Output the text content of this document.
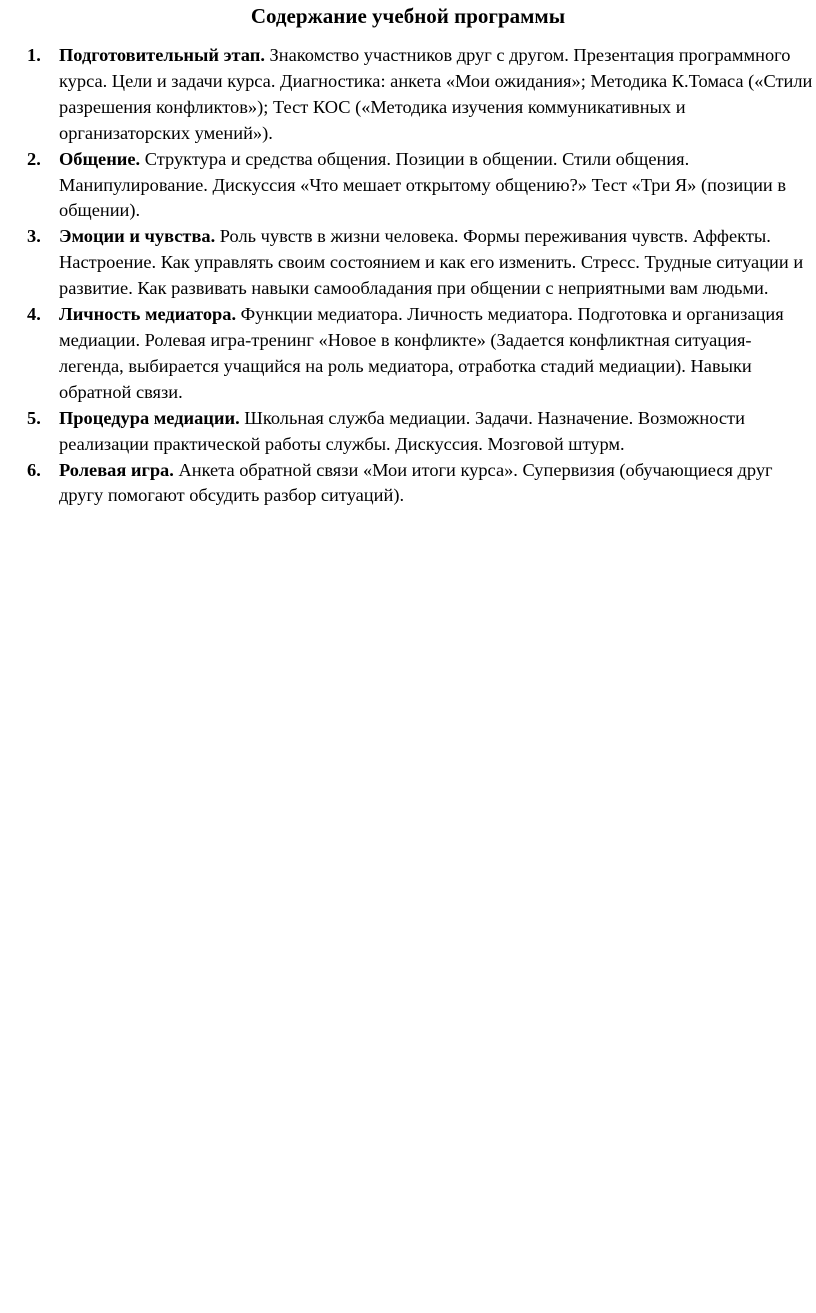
Содержание учебной программы
1. Подготовительный этап. Знакомство участников друг с другом. Презентация программного курса. Цели и задачи курса. Диагностика: анкета «Мои ожидания»; Методика К.Томаса («Стили разрешения конфликтов»); Тест КОС («Методика изучения коммуникативных и организаторских умений»).
2. Общение. Структура и средства общения. Позиции в общении. Стили общения. Манипулирование. Дискуссия «Что мешает открытому общению?» Тест «Три Я» (позиции в общении).
3. Эмоции и чувства. Роль чувств в жизни человека. Формы переживания чувств. Аффекты. Настроение. Как управлять своим состоянием и как его изменить. Стресс. Трудные ситуации и развитие. Как развивать навыки самообладания при общении с неприятными вам людьми.
4. Личность медиатора. Функции медиатора. Личность медиатора. Подготовка и организация медиации. Ролевая игра-тренинг «Новое в конфликте» (Задается конфликтная ситуация-легенда, выбирается учащийся на роль медиатора, отработка стадий медиации). Навыки обратной связи.
5. Процедура медиации. Школьная служба медиации. Задачи. Назначение. Возможности реализации практической работы службы. Дискуссия. Мозговой штурм.
6. Ролевая игра. Анкета обратной связи «Мои итоги курса». Супервизия (обучающиеся друг другу помогают обсудить разбор ситуаций).
